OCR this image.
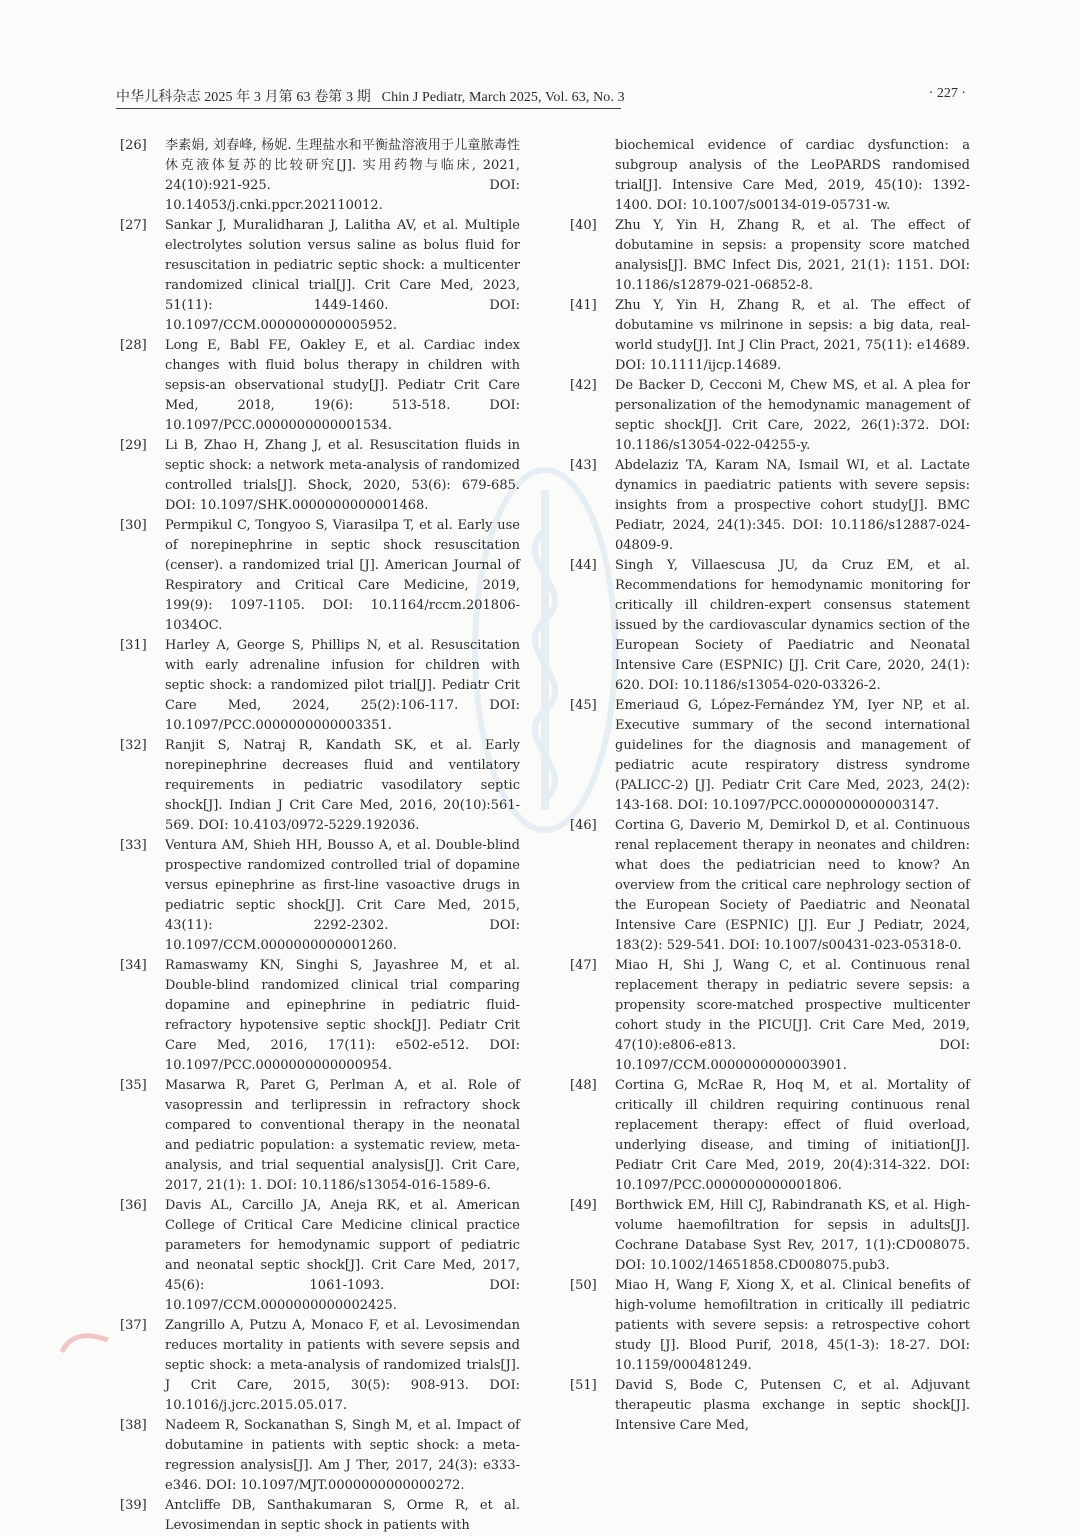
中华儿科杂志 2025 年 3 月第 63 卷第 3 期 Chin J Pediatr, March 2025, Vol. 63, No. 3	· 227 ·

[26]	李素娟, 刘春峰, 杨妮. 生理盐水和平衡盐溶液用于儿童脓毒性休克液体复苏的比较研究[J]. 实用药物与临床, 2021, 24(10):921-925. DOI: 10.14053/j.cnki.ppcr.202110012.

[27]	Sankar J, Muralidharan J, Lalitha AV, et al. Multiple electrolytes solution versus saline as bolus fluid for resuscitation in pediatric septic shock: a multicenter randomized clinical trial[J]. Crit Care Med, 2023, 51(11): 1449-1460. DOI: 10.1097/CCM.0000000000005952.

[28]	Long E, Babl FE, Oakley E, et al. Cardiac index changes with fluid bolus therapy in children with sepsis-an observational study[J]. Pediatr Crit Care Med, 2018, 19(6): 513-518. DOI: 10.1097/PCC.0000000000001534.

[29]	Li B, Zhao H, Zhang J, et al. Resuscitation fluids in septic shock: a network meta-analysis of randomized controlled trials[J]. Shock, 2020, 53(6): 679-685. DOI: 10.1097/SHK.0000000000001468.

[30]	Permpikul C, Tongyoo S, Viarasilpa T, et al. Early use of norepinephrine in septic shock resuscitation (censer). a randomized trial [J]. American Journal of Respiratory and Critical Care Medicine, 2019, 199(9): 1097-1105. DOI: 10.1164/rccm.201806-1034OC.

[31]	Harley A, George S, Phillips N, et al. Resuscitation with early adrenaline infusion for children with septic shock: a randomized pilot trial[J]. Pediatr Crit Care Med, 2024, 25(2):106-117. DOI: 10.1097/PCC.0000000000003351.

[32]	Ranjit S, Natraj R, Kandath SK, et al. Early norepinephrine decreases fluid and ventilatory requirements in pediatric vasodilatory septic shock[J]. Indian J Crit Care Med, 2016, 20(10):561-569. DOI: 10.4103/0972-5229.192036.

[33]	Ventura AM, Shieh HH, Bousso A, et al. Double-blind prospective randomized controlled trial of dopamine versus epinephrine as first-line vasoactive drugs in pediatric septic shock[J]. Crit Care Med, 2015, 43(11): 2292-2302. DOI: 10.1097/CCM.0000000000001260.

[34]	Ramaswamy KN, Singhi S, Jayashree M, et al. Double-blind randomized clinical trial comparing dopamine and epinephrine in pediatric fluid-refractory hypotensive septic shock[J]. Pediatr Crit Care Med, 2016, 17(11): e502-e512. DOI: 10.1097/PCC.0000000000000954.

[35]	Masarwa R, Paret G, Perlman A, et al. Role of vasopressin and terlipressin in refractory shock compared to conventional therapy in the neonatal and pediatric population: a systematic review, meta-analysis, and trial sequential analysis[J]. Crit Care, 2017, 21(1): 1. DOI: 10.1186/s13054-016-1589-6.

[36]	Davis AL, Carcillo JA, Aneja RK, et al. American College of Critical Care Medicine clinical practice parameters for hemodynamic support of pediatric and neonatal septic shock[J]. Crit Care Med, 2017, 45(6): 1061-1093. DOI: 10.1097/CCM.0000000000002425.

[37]	Zangrillo A, Putzu A, Monaco F, et al. Levosimendan reduces mortality in patients with severe sepsis and septic shock: a meta-analysis of randomized trials[J]. J Crit Care, 2015, 30(5): 908-913. DOI: 10.1016/j.jcrc.2015.05.017.

[38]	Nadeem R, Sockanathan S, Singh M, et al. Impact of dobutamine in patients with septic shock: a meta-regression analysis[J]. Am J Ther, 2017, 24(3): e333-e346. DOI: 10.1097/MJT.0000000000000272.

[39]	Antcliffe DB, Santhakumaran S, Orme R, et al. Levosimendan in septic shock in patients with

biochemical evidence of cardiac dysfunction: a subgroup analysis of the LeoPARDS randomised trial[J]. Intensive Care Med, 2019, 45(10): 1392-1400. DOI: 10.1007/s00134-019-05731-w.

[40]	Zhu Y, Yin H, Zhang R, et al. The effect of dobutamine in sepsis: a propensity score matched analysis[J]. BMC Infect Dis, 2021, 21(1): 1151. DOI: 10.1186/s12879-021-06852-8.

[41]	Zhu Y, Yin H, Zhang R, et al. The effect of dobutamine vs milrinone in sepsis: a big data, real-world study[J]. Int J Clin Pract, 2021, 75(11): e14689. DOI: 10.1111/ijcp.14689.

[42]	De Backer D, Cecconi M, Chew MS, et al. A plea for personalization of the hemodynamic management of septic shock[J]. Crit Care, 2022, 26(1):372. DOI: 10.1186/s13054-022-04255-y.

[43]	Abdelaziz TA, Karam NA, Ismail WI, et al. Lactate dynamics in paediatric patients with severe sepsis: insights from a prospective cohort study[J]. BMC Pediatr, 2024, 24(1):345. DOI: 10.1186/s12887-024-04809-9.

[44]	Singh Y, Villaescusa JU, da Cruz EM, et al. Recommendations for hemodynamic monitoring for critically ill children-expert consensus statement issued by the cardiovascular dynamics section of the European Society of Paediatric and Neonatal Intensive Care (ESPNIC) [J]. Crit Care, 2020, 24(1): 620. DOI: 10.1186/s13054-020-03326-2.

[45]	Emeriaud G, López-Fernández YM, Iyer NP, et al. Executive summary of the second international guidelines for the diagnosis and management of pediatric acute respiratory distress syndrome (PALICC-2) [J]. Pediatr Crit Care Med, 2023, 24(2): 143-168. DOI: 10.1097/PCC.0000000000003147.

[46]	Cortina G, Daverio M, Demirkol D, et al. Continuous renal replacement therapy in neonates and children: what does the pediatrician need to know? An overview from the critical care nephrology section of the European Society of Paediatric and Neonatal Intensive Care (ESPNIC) [J]. Eur J Pediatr, 2024, 183(2): 529-541. DOI: 10.1007/s00431-023-05318-0.

[47]	Miao H, Shi J, Wang C, et al. Continuous renal replacement therapy in pediatric severe sepsis: a propensity score-matched prospective multicenter cohort study in the PICU[J]. Crit Care Med, 2019, 47(10):e806-e813. DOI: 10.1097/CCM.0000000000003901.

[48]	Cortina G, McRae R, Hoq M, et al. Mortality of critically ill children requiring continuous renal replacement therapy: effect of fluid overload, underlying disease, and timing of initiation[J]. Pediatr Crit Care Med, 2019, 20(4):314-322. DOI: 10.1097/PCC.0000000000001806.

[49]	Borthwick EM, Hill CJ, Rabindranath KS, et al. High-volume haemofiltration for sepsis in adults[J]. Cochrane Database Syst Rev, 2017, 1(1):CD008075. DOI: 10.1002/14651858.CD008075.pub3.

[50]	Miao H, Wang F, Xiong X, et al. Clinical benefits of high-volume hemofiltration in critically ill pediatric patients with severe sepsis: a retrospective cohort study [J]. Blood Purif, 2018, 45(1-3): 18-27. DOI: 10.1159/000481249.

[51]	David S, Bode C, Putensen C, et al. Adjuvant therapeutic plasma exchange in septic shock[J]. Intensive Care Med,
